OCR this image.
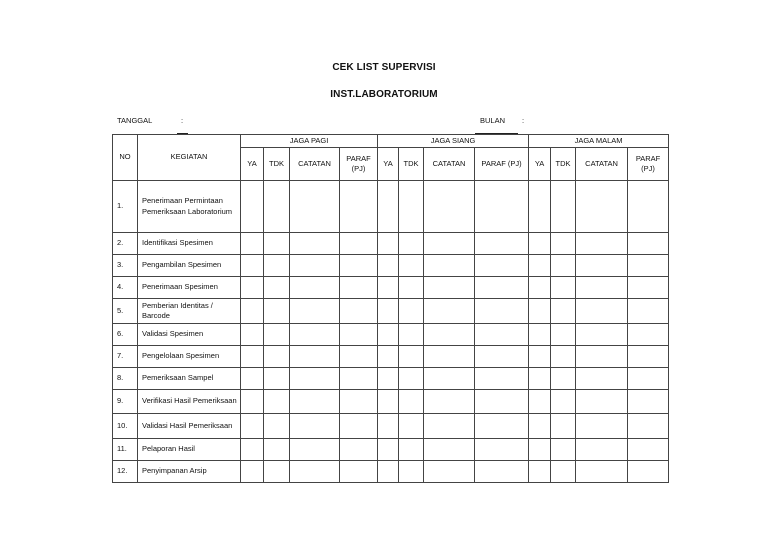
CEK LIST SUPERVISI
INST.LABORATORIUM
TANGGAL	:	BULAN :
NO	KEGIATAN	JAGA PAGI				JAGA SIANG				JAGA MALAM			
		YA	TDK	CATATAN	PARAF (PJ)	YA	TDK	CATATAN	PARAF (PJ)	YA	TDK	CATATAN	PARAF (PJ)
1.	Penerimaan Permintaan Pemeriksaan Laboratorium												
2.	Identifikasi Spesimen												
3.	Pengambilan Spesimen												
4.	Penerimaan Spesimen												
5.	Pemberian Identitas / Barcode												
6.	Validasi Spesimen												
7.	Pengelolaan Spesimen												
8.	Pemeriksaan Sampel												
9.	Verifikasi Hasil Pemeriksaan												
10.	Validasi Hasil Pemeriksaan												
11.	Pelaporan Hasil												
12.	Penyimpanan Arsip												
